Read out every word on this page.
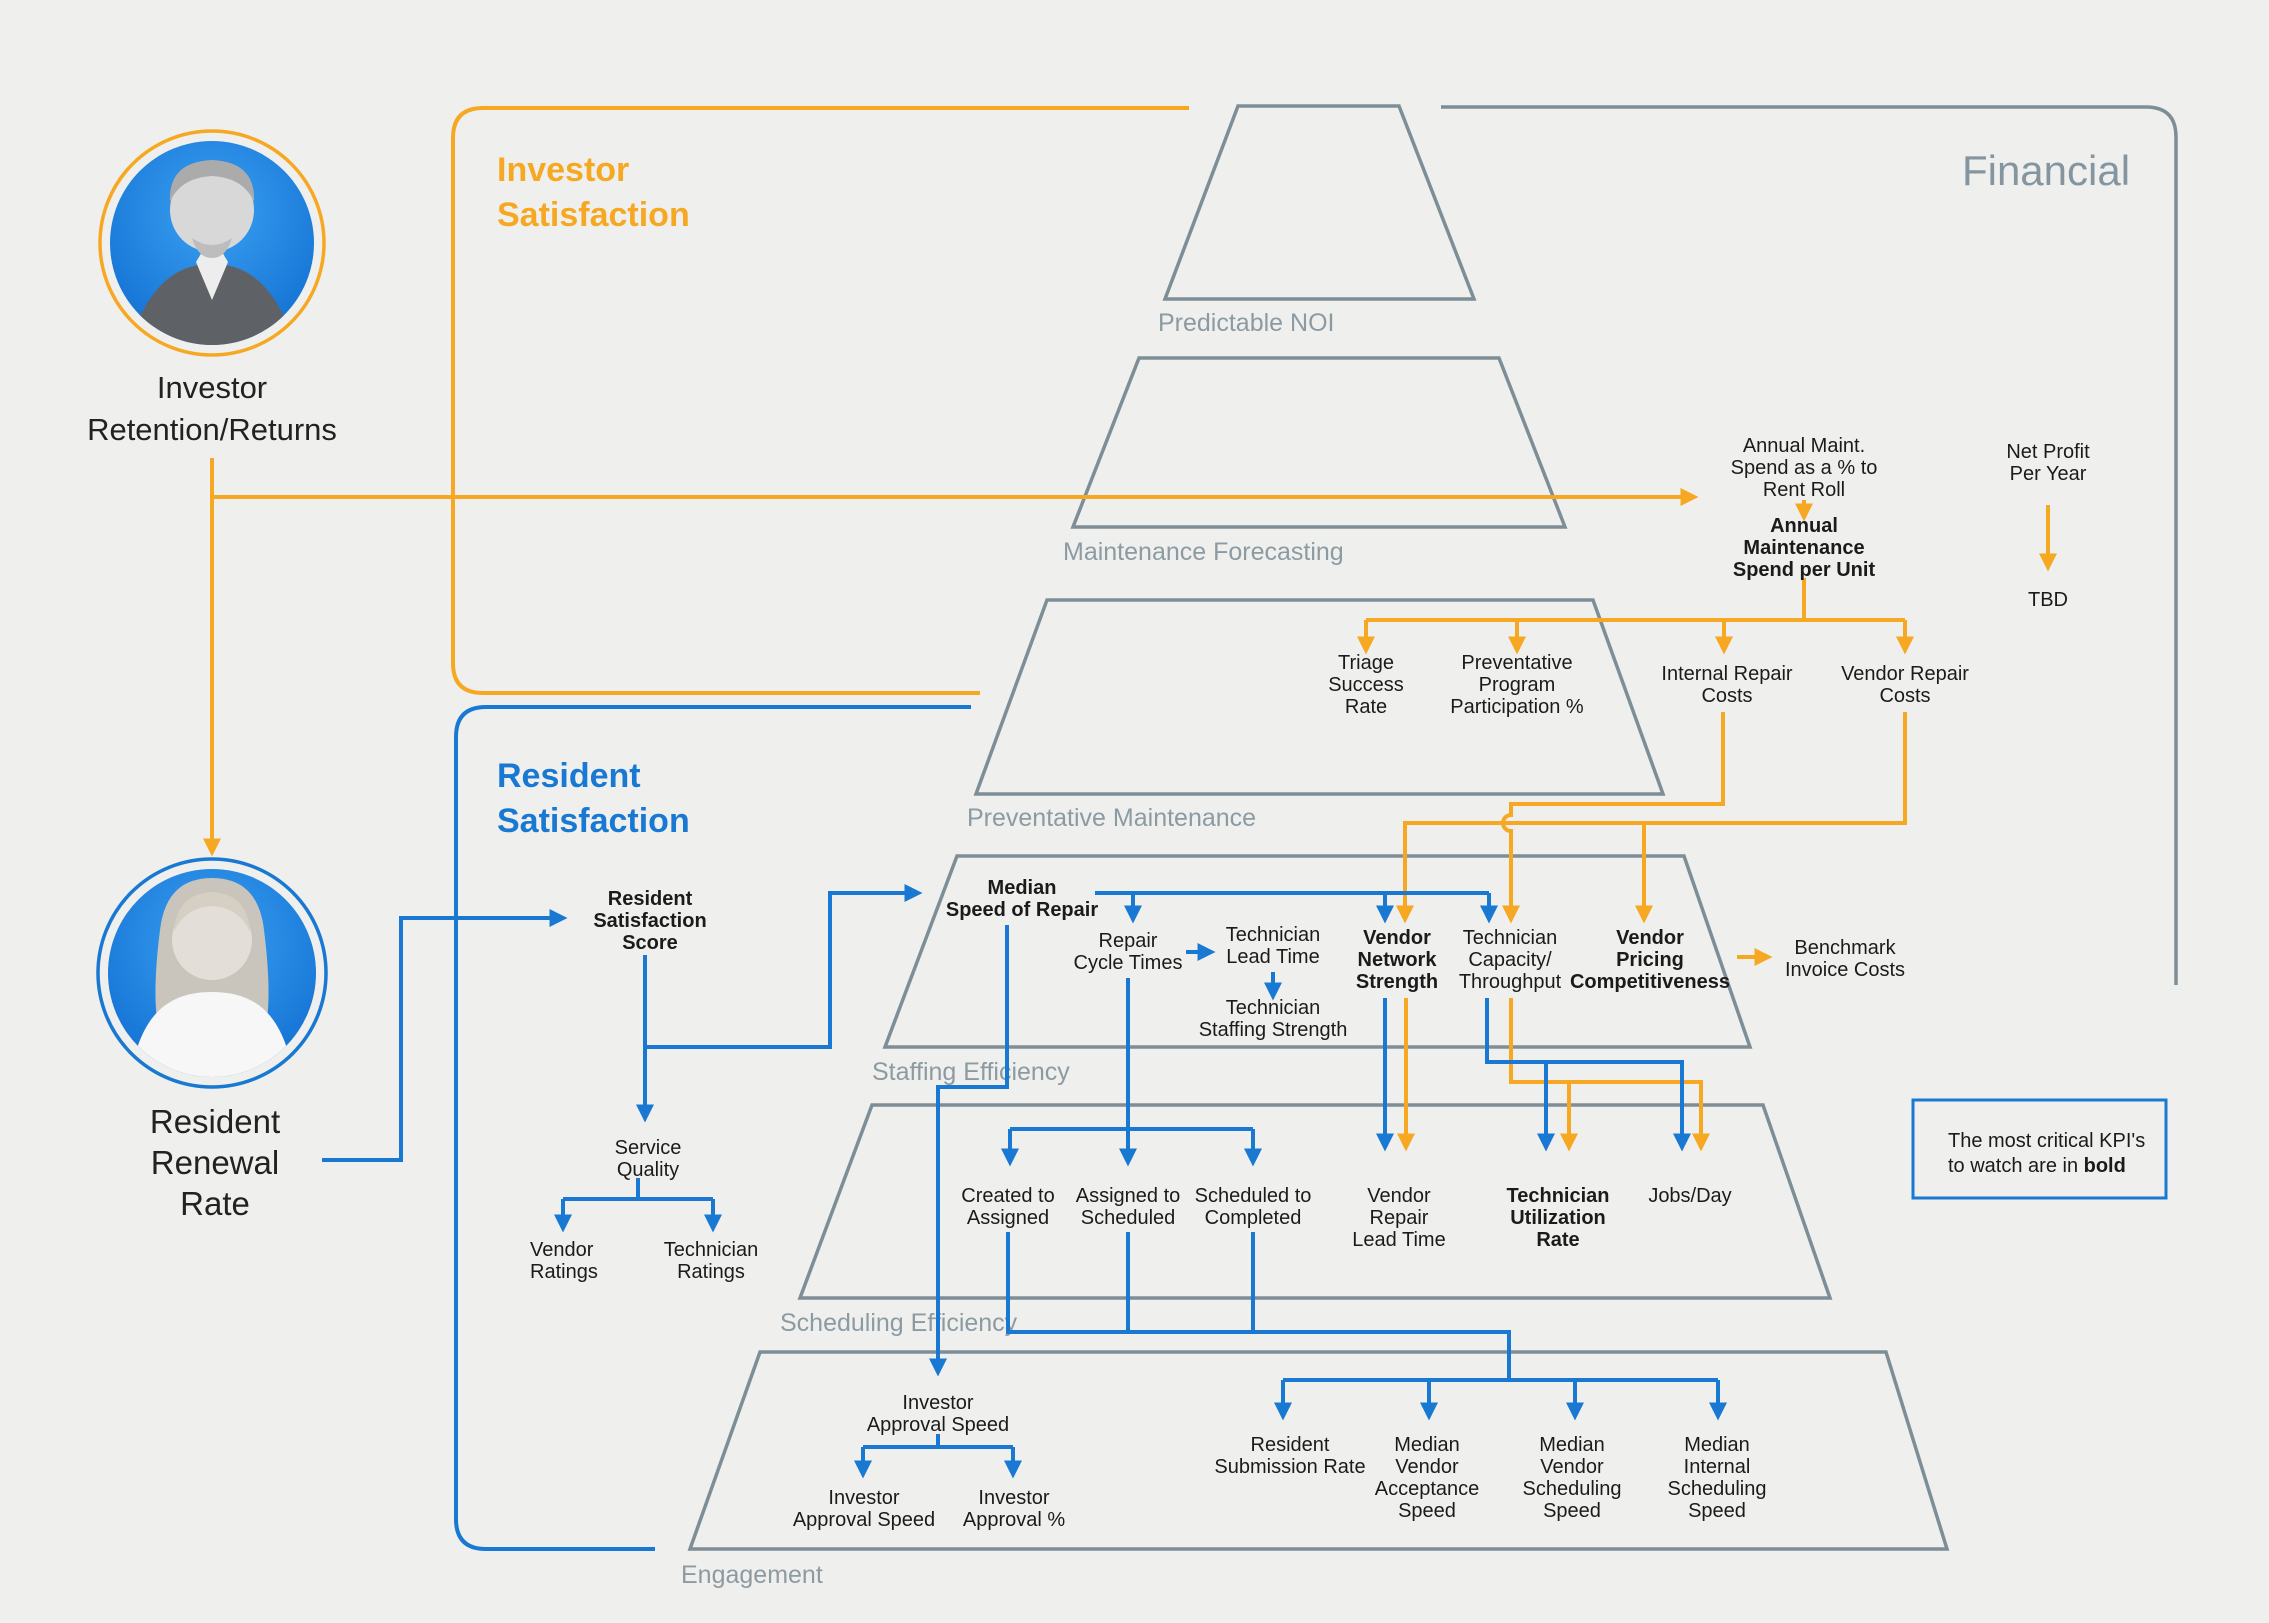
Predictable NOI
Maintenance Forecasting
Preventative Maintenance
Staffing Efficiency
Scheduling Efficiency
Engagement
Financial
Investor
Retention/Returns
Resident
Renewal
Rate
Investor
Satisfaction
Resident
Satisfaction
Annual Maint.
Spend as a % to
Rent Roll
Annual
Maintenance
Spend per Unit
Net Profit
Per Year
TBD
Triage
Success
Rate
Preventative
Program
Participation %
Internal Repair
Costs
Vendor Repair
Costs
Median
Speed of Repair
Repair
Cycle Times
Technician
Lead Time
Technician
Staffing Strength
Vendor
Network
Strength
Technician
Capacity/
Throughput
Vendor
Pricing
Competitiveness
Benchmark
Invoice Costs
Resident
Satisfaction
Score
Service
Quality
Vendor
Ratings
Technician
Ratings
Created to
Assigned
Assigned to
Scheduled
Scheduled to
Completed
Vendor
Repair
Lead Time
Technician
Utilization
Rate
Jobs/Day
Investor
Approval Speed
Investor
Approval Speed
Investor
Approval %
Resident
Submission Rate
Median
Vendor
Acceptance
Speed
Median
Vendor
Scheduling
Speed
Median
Internal
Scheduling
Speed
The most critical KPI's
to watch are in bold
